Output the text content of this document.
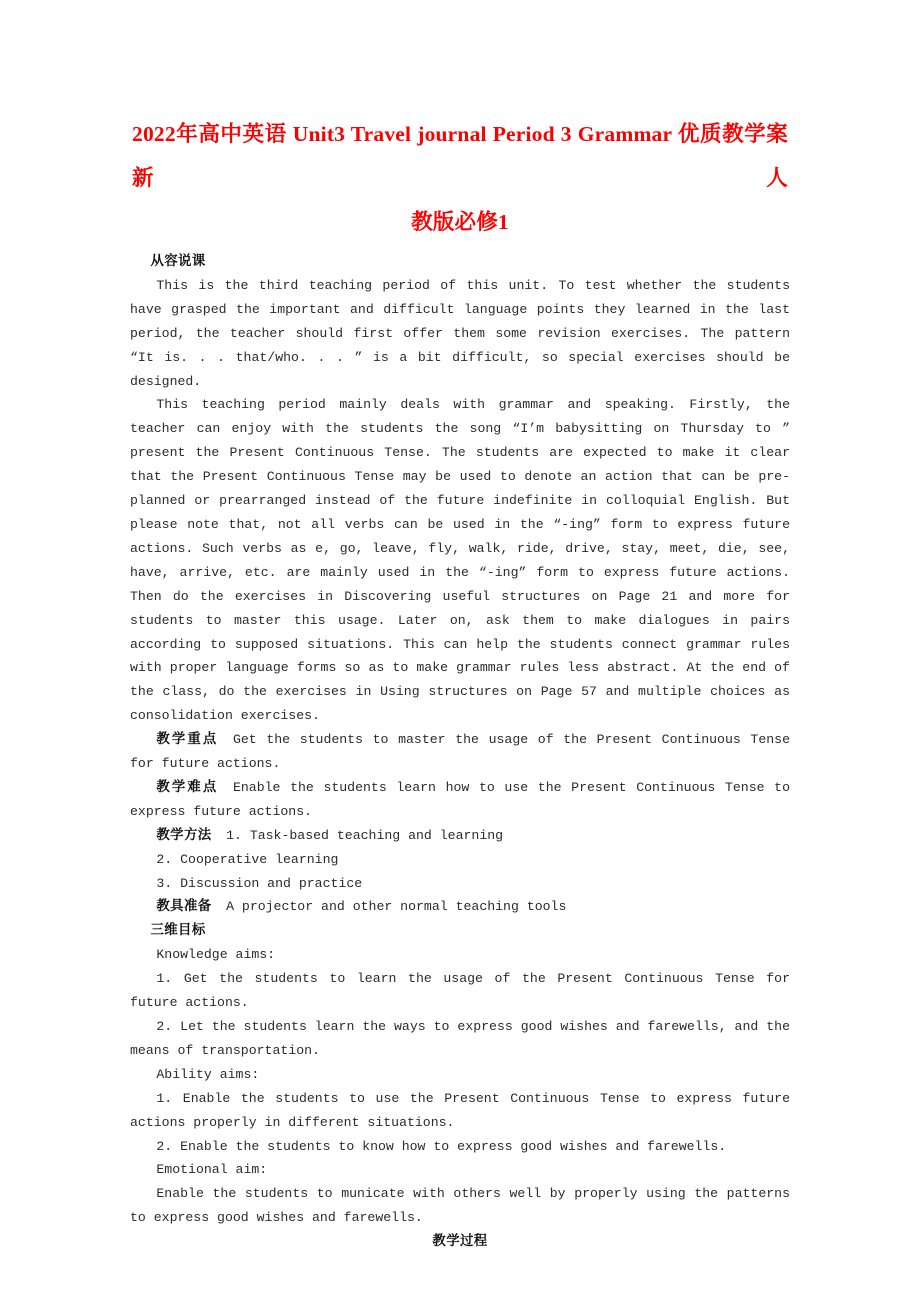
2022年高中英语 Unit3 Travel journal Period 3 Grammar 优质教学案 新人
教版必修1

从容说课

This is the third teaching period of this unit. To test whether the students have grasped the important and difficult language points they learned in the last period, the teacher should first offer them some revision exercises. The pattern “It is. . . that/who. . . ” is a bit difficult, so special exercises should be designed.

This teaching period mainly deals with grammar and speaking. Firstly, the teacher can enjoy with the students the song “I’m babysitting on Thursday to ” present the Present Continuous Tense. The students are expected to make it clear that the Present Continuous Tense may be used to denote an action that can be pre-planned or prearranged instead of the future indefinite in colloquial English. But please note that, not all verbs can be used in the “-ing” form to express future actions. Such verbs as e, go, leave, fly, walk, ride, drive, stay, meet, die, see, have, arrive, etc. are mainly used in the “-ing” form to express future actions. Then do the exercises in Discovering useful structures on Page 21 and more for students to master this usage. Later on, ask them to make dialogues in pairs according to supposed situations. This can help the students connect grammar rules with proper language forms so as to make grammar rules less abstract. At the end of the class, do the exercises in Using structures on Page 57 and multiple choices as consolidation exercises.

教学重点 Get the students to master the usage of the Present Continuous Tense for future actions.

教学难点 Enable the students learn how to use the Present Continuous Tense to express future actions.

教学方法 1. Task-based teaching and learning

2. Cooperative learning

3. Discussion and practice

教具准备 A projector and other normal teaching tools

三维目标

Knowledge aims:

1. Get the students to learn the usage of the Present Continuous Tense for future actions.

2. Let the students learn the ways to express good wishes and farewells, and the means of transportation.

Ability aims:

1. Enable the students to use the Present Continuous Tense to express future actions properly in different situations.

2. Enable the students to know how to express good wishes and farewells.

Emotional aim:

Enable the students to municate with others well by properly using the patterns to express good wishes and farewells.

教学过程
